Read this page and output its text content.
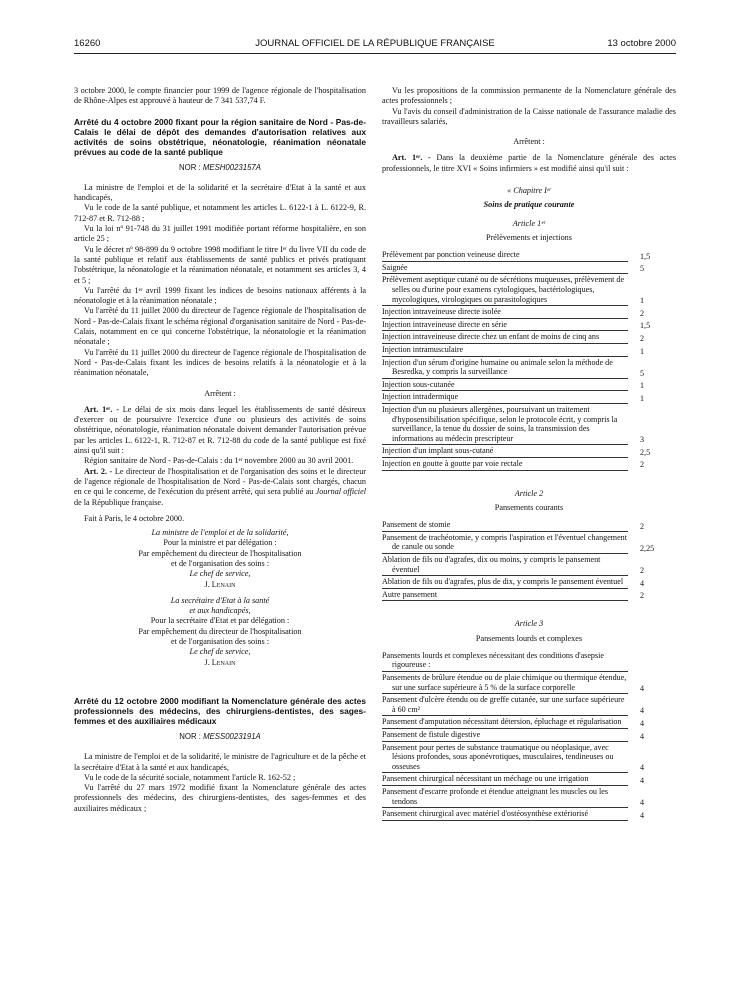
16260	JOURNAL OFFICIEL DE LA RÉPUBLIQUE FRANÇAISE	13 octobre 2000

3 octobre 2000, le compte financier pour 1999 de l'agence régionale de l'hospitalisation de Rhône-Alpes est approuvé à hauteur de 7 341 537,74 F.

Arrêté du 4 octobre 2000 fixant pour la région sanitaire de Nord - Pas-de-Calais le délai de dépôt des demandes d'autorisation relatives aux activités de soins obstétrique, néonatologie, réanimation néonatale prévues au code de la santé publique

NOR : MESH0023157A

La ministre de l'emploi et de la solidarité et la secrétaire d'Etat à la santé et aux handicapés,

Vu le code de la santé publique, et notamment les articles L. 6122-1 à L. 6122-9, R. 712-87 et R. 712-88 ;

Vu la loi nº 91-748 du 31 juillet 1991 modifiée portant réforme hospitalière, en son article 25 ;

Vu le décret nº 98-899 du 9 octobre 1998 modifiant le titre Iᵉʳ du livre VII du code de la santé publique et relatif aux établissements de santé publics et privés pratiquant l'obstétrique, la néonatologie et la réanimation néonatale, et notamment ses articles 3, 4 et 5 ;

Vu l'arrêté du 1ᵉʳ avril 1999 fixant les indices de besoins nationaux afférents à la néonatologie et à la réanimation néonatale ;

Vu l'arrêté du 11 juillet 2000 du directeur de l'agence régionale de l'hospitalisation de Nord - Pas-de-Calais fixant le schéma régional d'organisation sanitaire de Nord - Pas-de-Calais, notamment en ce qui concerne l'obstétrique, la néonatologie et la réanimation néonatale ;

Vu l'arrêté du 11 juillet 2000 du directeur de l'agence régionale de l'hospitalisation de Nord - Pas-de-Calais fixant les indices de besoins relatifs à la néonatologie et à la réanimation néonatale,

Arrêtent :

Art. 1ᵉʳ. - Le délai de six mois dans lequel les établissements de santé désireux d'exercer ou de poursuivre l'exercice d'une ou plusieurs des activités de soins obstétrique, néonatologie, réanimation néonatale doivent demander l'autorisation prévue par les articles L. 6122-1, R. 712-87 et R. 712-88 du code de la santé publique est fixé ainsi qu'il suit :

Région sanitaire de Nord - Pas-de-Calais : du 1ᵉʳ novembre 2000 au 30 avril 2001.

Art. 2. - Le directeur de l'hospitalisation et de l'organisation des soins et le directeur de l'agence régionale de l'hospitalisation de Nord - Pas-de-Calais sont chargés, chacun en ce qui le concerne, de l'exécution du présent arrêté, qui sera publié au Journal officiel de la République française.

Fait à Paris, le 4 octobre 2000.

La ministre de l'emploi et de la solidarité,

Pour la ministre et par délégation :

Par empêchement du directeur de l'hospitalisation

et de l'organisation des soins :

Le chef de service,

J. Lenain

La secrétaire d'Etat à la santé

et aux handicapés,

Pour la secrétaire d'Etat et par délégation :

Par empêchement du directeur de l'hospitalisation

et de l'organisation des soins :

Le chef de service,

J. Lenain

Arrêté du 12 octobre 2000 modifiant la Nomenclature générale des actes professionnels des médecins, des chirurgiens-dentistes, des sages-femmes et des auxiliaires médicaux

NOR : MESS0023191A

La ministre de l'emploi et de la solidarité, le ministre de l'agriculture et de la pêche et la secrétaire d'Etat à la santé et aux handicapés,

Vu le code de la sécurité sociale, notamment l'article R. 162-52 ;

Vu l'arrêté du 27 mars 1972 modifié fixant la Nomenclature générale des actes professionnels des médecins, des chirurgiens-dentistes, des sages-femmes et des auxiliaires médicaux ;

Vu les propositions de la commission permanente de la Nomenclature générale des actes professionnels ;

Vu l'avis du conseil d'administration de la Caisse nationale de l'assurance maladie des travailleurs salariés,

Arrêtent :

Art. 1ᵉʳ. - Dans la deuxième partie de la Nomenclature générale des actes professionnels, le titre XVI « Soins infirmiers » est modifié ainsi qu'il suit :

« Chapitre Iᵉʳ

Soins de pratique courante

Article 1ᵉʳ

Prélèvements et injections

Prélèvement par ponction veineuse directe	1,5

Saignée	5

Prélèvement aseptique cutané ou de sécrétions muqueuses, prélèvement de selles ou d'urine pour examens cytologiques, bactériologiques, mycologiques, virologiques ou parasitologiques	1

Injection intraveineuse directe isolée	2

Injection intraveineuse directe en série	1,5

Injection intraveineuse directe chez un enfant de moins de cinq ans	2

Injection intramusculaire	1

Injection d'un sérum d'origine humaine ou animale selon la méthode de Besredka, y compris la surveillance	5

Injection sous-cutanée	1

Injection intradermique	1

Injection d'un ou plusieurs allergènes, poursuivant un traitement d'hyposensibilisation spécifique, selon le protocole écrit, y compris la surveillance, la tenue du dossier de soins, la transmission des informations au médecin prescripteur	3

Injection d'un implant sous-cutané	2,5

Injection en goutte à goutte par voie rectale	2

Article 2

Pansements courants

Pansement de stomie	2

Pansement de trachéotomie, y compris l'aspiration et l'éventuel changement de canule ou sonde	2,25

Ablation de fils ou d'agrafes, dix ou moins, y compris le pansement éventuel	2

Ablation de fils ou d'agrafes, plus de dix, y compris le pansement éventuel	4

Autre pansement	2

Article 3

Pansements lourds et complexes

Pansements lourds et complexes nécessitant des conditions d'asepsie rigoureuse :	

Pansements de brûlure étendue ou de plaie chimique ou thermique étendue, sur une surface supérieure à 5 % de la surface corporelle	4

Pansement d'ulcère étendu ou de greffe cutanée, sur une surface supérieure à 60 cm²	4

Pansement d'amputation nécessitant détersion, épluchage et régularisation	4

Pansement de fistule digestive	4

Pansement pour pertes de substance traumatique ou néoplasique, avec lésions profondes, sous aponévrotiques, musculaires, tendineuses ou osseuses	4

Pansement chirurgical nécessitant un méchage ou une irrigation	4

Pansement d'escarre profonde et étendue atteignant les muscles ou les tendons	4

Pansement chirurgical avec matériel d'ostéosynthèse extériorisé	4
